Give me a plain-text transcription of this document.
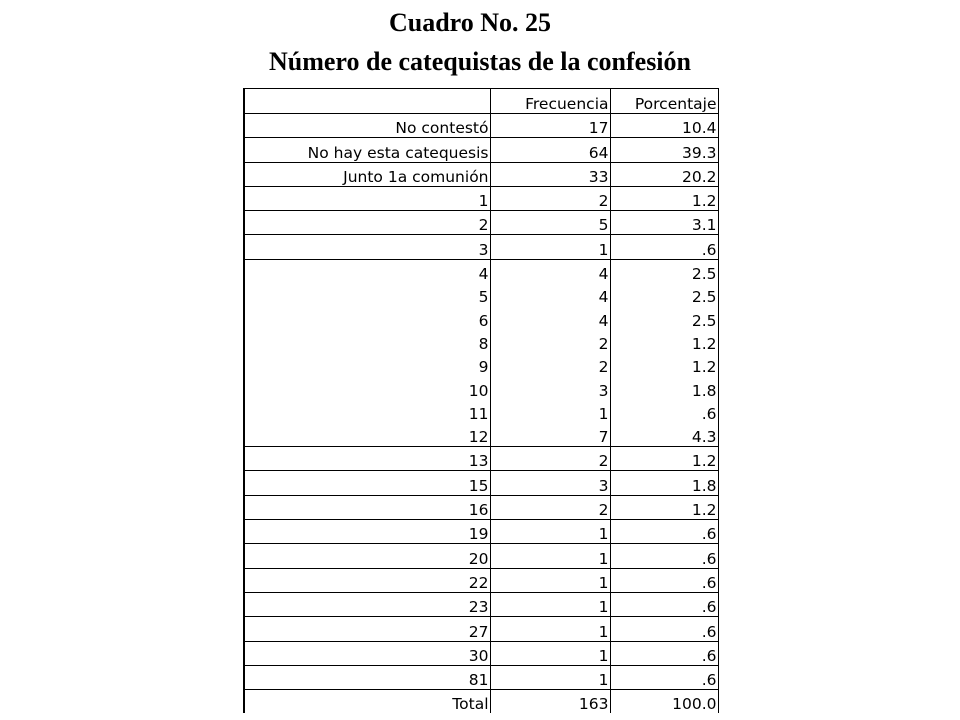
Cuadro No. 25
Número de catequistas de la confesión
	Frecuencia	Porcentaje
No contestó	17	10.4
No hay esta catequesis	64	39.3
Junto 1a comunión	33	20.2
1	2	1.2
2	5	3.1
3	1	.6
4	4	2.5
5	4	2.5
6	4	2.5
8	2	1.2
9	2	1.2
10	3	1.8
11	1	.6
12	7	4.3
13	2	1.2
15	3	1.8
16	2	1.2
19	1	.6
20	1	.6
22	1	.6
23	1	.6
27	1	.6
30	1	.6
81	1	.6
Total	163	100.0
